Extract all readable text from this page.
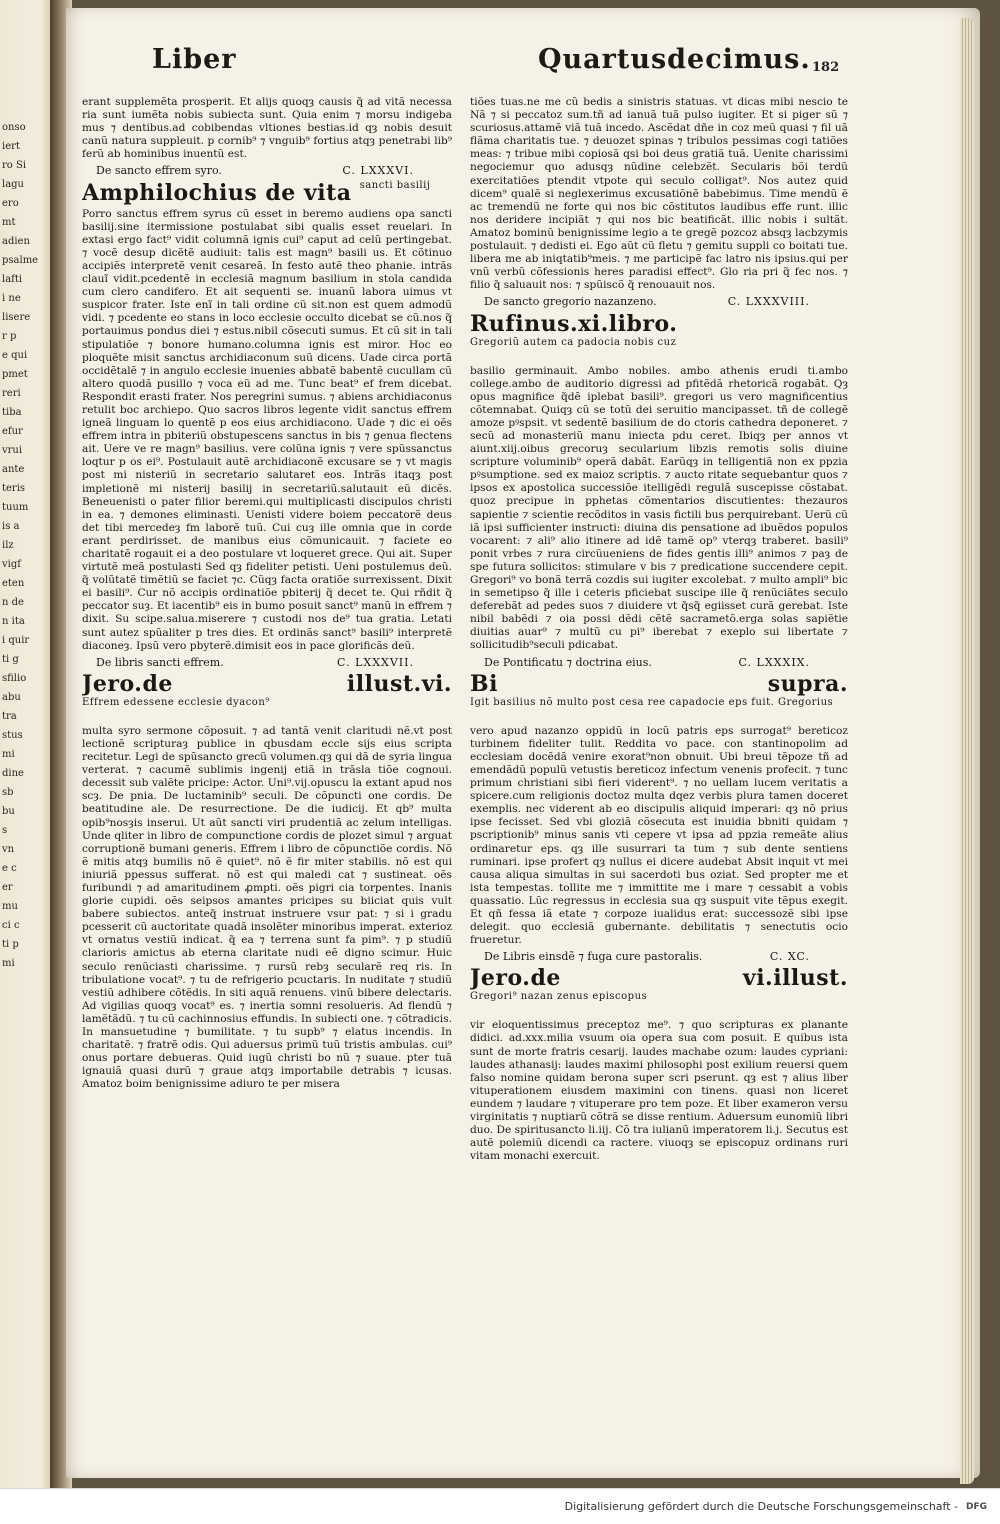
onso
iert
ro Si
lagu
ero
mt
adien
psalme
lafti
i ne
lisere
r p
e qui
pmet
reri
tiba
efur
vrui
ante
teris
tuum
is a
ilz
vigf
eten
n de
n ita
i quir
ti g
sfilio
abu
tra
stus
mi
dine
sb
bu
s
vn
e c
er
mu
ci c
ti p
mi
Liber	Quartusdecimus. 182

erant supplemẽta prosperit. Et alijs quoqȝ causis q̃ ad vitã necessa ria sunt iumẽta nobis subiecta sunt. Quia enim ⁊ morsu indigeba mus ⁊ dentibus.ad cobibendas vltiones bestias.id qȝ nobis desuit canũ natura suppleuit. p cornib⁹ ⁊ vnguib⁹ fortius atqȝ penetrabi lib⁹ ferũ ab hominibus inuentũ est.

De sancto effrem syro.	C. LXXXVI.
Amphilochius de vita sancti basilij

Porro sanctus effrem syrus cũ esset in beremo audiens opa sancti basilij.sine itermissione postulabat sibi qualis esset reuelari. In extasi ergo fact⁹ vidit columnã ignis cui⁹ caput ad celũ pertingebat. ⁊ vocẽ desup dicẽtẽ audiuit: talis est magn⁹ basili us. Et cõtinuo accipiẽs interpretẽ venit cesareã. In festo autẽ theo phanie. intrãs clauĩ vidit.pcedentẽ in ecclesiã magnum basilium in stola candida cum clero candifero. Et ait sequenti se. inuanũ labora uimus vt suspicor frater. Iste enĩ in tali ordine cũ sit.non est quem admodũ vidi. ⁊ pcedente eo stans in loco ecclesie occulto dicebat se cũ.nos q̃ portauimus pondus diei ⁊ estus.nibil cõsecuti sumus. Et cũ sit in tali stipulatiõe ⁊ bonore humano.columna ignis est miror. Hoc eo ploquẽte misit sanctus archidiaconum suũ dicens. Uade circa portã occidẽtalẽ ⁊ in angulo ecclesie inuenies abbatẽ babentẽ cucullam cũ altero quodã pusillo ⁊ voca eũ ad me. Tunc beat⁹ ef frem dicebat. Respondit erasti frater. Nos peregrini sumus. ⁊ abiens archidiaconus retulit boc archiepo. Quo sacros libros legente vidit sanctus effrem igneã linguam lo quentẽ p eos eius archidiacono. Uade ⁊ dic ei oẽs effrem intra in pbiteriũ obstupescens sanctus in bis ⁊ genua flectens ait. Uere ve re magn⁹ basilius. vere colũna ignis ⁊ vere spũssanctus loqtur p os ei⁹. Postulauit autẽ archidiaconẽ excusare se ⁊ vt magis post mi nisteriũ in secretario salutaret eos. Intrãs itaqȝ post impletionẽ mi nisterij basilij in secretariũ.salutauit eũ dicẽs. Beneuenisti o pater filior beremi.qui multiplicasti discipulos christi in ea. ⁊ demones eliminasti. Uenisti videre boiem peccatorẽ deus det tibi mercedeȝ fm laborẽ tuũ. Cui cuȝ ille omnia que in corde erant perdirisset. de manibus eius cõmunicauit. ⁊ faciete eo charitatẽ rogauit ei a deo postulare vt loqueret grece. Qui ait. Super virtutẽ meã postulasti Sed qȝ fideliter petisti. Ueni postulemus deũ. q̃ volũtatẽ timẽtiũ se faciet ⁊c. Cũqȝ facta oratiõe surrexissent. Dixit ei basili⁹. Cur nõ accipis ordinatiõe pbiterij q̃ decet te. Qui rñdit q̃ peccator suȝ. Et iacentib⁹ eis in bumo posuit sanct⁹ manũ in effrem ⁊ dixit. Su scipe.salua.miserere ⁊ custodi nos de⁹ tua gratia. Letati sunt autez spũaliter p tres dies. Et ordinãs sanct⁹ basili⁹ interpretẽ diaconeȝ. Ipsũ vero pbyterẽ.dimisit eos in pace glorificãs deũ.

De libris sancti effrem.	C. LXXXVII.
Jero.de illust.vi. Effrem edessene ecclesie dyacon⁹

multa syro sermone cõposuit. ⁊ ad tantã venit claritudi nẽ.vt post lectionẽ scripturaȝ publice in qbusdam eccle sijs eius scripta recitetur. Legi de spũsancto grecũ volumen.qȝ qui dã de syria lingua verterat. ⁊ cacumẽ sublimis ingenij etiã in trãsla tiõe cognoui. decessit sub valẽte pricipe: Actor. Uni⁹.vij.opuscu la extant apud nos scȝ. De pnia. De luctaminib⁹ seculi. De cõpuncti one cordis. De beatitudine ale. De resurrectione. De die iudicij. Et qb⁹ multa opib⁹nosȝis inserui. Ut aũt sancti viri prudentiã ac zelum intelligas. Unde qliter in libro de compunctione cordis de plozet simul ⁊ arguat corruptionẽ bumani generis. Effrem i libro de cõpunctiõe cordis. Nõ ẽ mitis atqȝ bumilis nõ ẽ quiet⁹. nõ ẽ fir miter stabilis. nõ est qui iniuriã ppessus sufferat. nõ est qui maledi cat ⁊ sustineat. oẽs furibundi ⁊ ad amaritudinem ꝓmpti. oẽs pigri cia torpentes. Inanis glorie cupidi. oẽs seipsos amantes pricipes su biiciat quis vult babere subiectos. anteq̃ instruat instruere vsur pat: ⁊ si i gradu pcesserit cũ auctoritate quadã insolẽter minoribus imperat. exterioz vt ornatus vestiũ indicat. q̃ ea ⁊ terrena sunt fa pim⁹. ⁊ p studiũ clarioris amictus ab eterna claritate nudi eẽ digno scimur. Huic seculo renũciasti charissime. ⁊ rursũ rebȝ secularẽ req ris. In tribulatione vocat⁹. ⁊ tu de refrigerio pcuctaris. In nuditate ⁊ studiũ vestiũ adhibere cõtẽdis. In siti aquã renuens. vinũ bibere delectaris. Ad vigilias quoqȝ vocat⁹ es. ⁊ inertia somni resolueris. Ad flendũ ⁊ lamẽtãdũ. ⁊ tu cũ cachinnosius effundis. In subiecti one. ⁊ cõtradicis. In mansuetudine ⁊ bumilitate. ⁊ tu supb⁹ ⁊ elatus incendis. In charitatẽ. ⁊ fratrẽ odis. Qui aduersus primũ tuũ tristis ambulas. cui⁹ onus portare debueras. Quid iugũ christi bo nũ ⁊ suaue. pter tuã ignauiã quasi durũ ⁊ graue atqȝ importabile detrabis ⁊ icusas. Amatoz boim benignissime adiuro te per misera

tiões tuas.ne me cũ bedis a sinistris statuas. vt dicas mibi nescio te Nã ⁊ si peccatoz sum.tñ ad ianuã tuã pulso iugiter. Et si piger sũ ⁊ scuriosus.attamẽ viã tuã incedo. Ascẽdat dñe in coz meũ quasi ⁊ fil uã flãma charitatis tue. ⁊ deuozet spinas ⁊ tribulos pessimas cogi tatiões meas: ⁊ tribue mibi copiosã qsi boi deus gratiã tuã. Uenite charissimi negociemur quo adusqȝ nũdine celebzẽt. Secularis bõi terdũ exercitatiões ptendit vtpote qui seculo colligat⁹. Nos autez quid dicem⁹ qualẽ si neglexerimus excusatiõnẽ babebimus. Time mendũ ẽ ac tremendũ ne forte qui nos bic cõstitutos laudibus effe runt. illic nos deridere incipiãt ⁊ qui nos bic beatificãt. illic nobis i sultãt. Amatoz bominũ benignissime legio a te gregẽ pozcoz absqȝ lacbzymis postulauit. ⁊ dedisti ei. Ego aũt cũ fletu ⁊ gemitu suppli co boitati tue. libera me ab iniqtatib⁹meis. ⁊ me participẽ fac latro nis ipsius.qui per vnũ verbũ cõfessionis heres paradisi effect⁹. Glo ria pri q̃ fec nos. ⁊ filio q̃ saluauit nos: ⁊ spũiscõ q̃ renouauit nos.

De sancto gregorio nazanzeno.	C. LXXXVIII.
Rufinus.xi.libro. Gregoriũ autem ca padocia nobis cuz

basilio germinauit. Ambo nobiles. ambo athenis erudi ti.ambo college.ambo de auditorio digressi ad pfitẽdã rhetoricã rogabãt. Qȝ opus magnifice q̃dẽ iplebat basili⁹. gregori us vero magnificentius cõtemnabat. Quiqȝ cũ se totũ dei seruitio mancipasset. tñ de collegẽ amoze pꝰspsit. vt sedentẽ basilium de do ctoris cathedra deponeret. ⁊ secũ ad monasteriũ manu iniecta pdu ceret. Ibiqȝ per annos vt aiunt.xiij.oibus grecoruȝ secularium libzis remotis solis diuine scripture voluminib⁹ operã dabãt. Earũqȝ in telligentiã non ex ppzia pꝰsumptione. sed ex maioz scriptis. ⁊ aucto ritate sequebantur quos ⁊ ipsos ex apostolica successiõe itelligẽdi regulã suscepisse cõstabat. quoz precipue in pphetas cõmentarios discutientes: thezauros sapientie ⁊ scientie recõditos in vasis fictili bus perquirebant. Uerũ cũ iã ipsi sufficienter instructi: diuina dis pensatione ad ibuẽdos populos vocarent: ⁊ ali⁹ alio itinere ad idẽ tamẽ op⁹ vterqȝ traberet. basili⁹ ponit vrbes ⁊ rura circũueniens de fides gentis illi⁹ animos ⁊ paȝ de spe futura sollicitos: stimulare v bis ⁊ predicatione succendere cepit. Gregori⁹ vo bonã terrã cozdis sui iugiter excolebat. ⁊ multo ampli⁹ bic in semetipso q̃ ille i ceteris pficiebat suscipe ille q̃ renũciãtes seculo deferebãt ad pedes suos ⁊ diuidere vt q̃sq̃ egiisset curã gerebat. Iste nibil babẽdi ⁊ oia possi dẽdi cẽtẽ sacrametõ.erga solas sapiẽtie diuitias auar⁹ ⁊ multũ cu pi⁹ iberebat ⁊ exeplo sui libertate ⁊ sollicitudib⁹seculi pdicabat.

De Pontificatu ⁊ doctrina eius.	C. LXXXIX.
Bi supra. Igit basilius nõ multo post cesa ree capadocie eps fuit. Gregorius

vero apud nazanzo oppidũ in locũ patris eps surrogat⁹ bereticoz turbinem fideliter tulit. Reddita vo pace. con stantinopolim ad ecclesiam docẽdã venire exorat⁹non obnuit. Ubi breui tẽpoze tñ ad emendãdũ populũ vetustis bereticoz infectum venenis profecit. ⁊ tunc primum christiani sibi fieri viderent⁹. ⁊ no uellam lucem veritatis a spicere.cum religionis doctoz multa dqez verbis plura tamen doceret exemplis. nec viderent ab eo discipulis aliquid imperari: qȝ nõ prius ipse fecisset. Sed vbi gloziã cõsecuta est inuidia bbniti quidam ⁊ pscriptionib⁹ minus sanis vti cepere vt ipsa ad ppzia remeãte alius ordinaretur eps. qȝ ille susurrari ta tum ⁊ sub dente sentiens ruminari. ipse profert qȝ nullus ei dicere audebat Absit inquit vt mei causa aliqua simultas in sui sacerdoti bus oziat. Sed propter me et ista tempestas. tollite me ⁊ immittite me i mare ⁊ cessabit a vobis quassatio. Lũc regressus in ecclesia sua qȝ suspuit vite tẽpus exegit. Et qñ fessa iã etate ⁊ corpoze iualidus erat: successozẽ sibi ipse delegit. quo ecclesiã gubernante. debilitatis ⁊ senectutis ocio frueretur.

De Libris einsdẽ ⁊ fuga cure pastoralis.	C. XC.
Jero.de vi.illust. Gregori⁹ nazan zenus episcopus

vir eloquentissimus preceptoz me⁹. ⁊ quo scripturas ex planante didici. ad.xxx.milia vsuum oia opera sua com posuit. E quibus ista sunt de morte fratris cesarij. laudes machabe ozum: laudes cypriani: laudes athanasij: laudes maximi philosophi post exilium reuersi quem falso nomine quidam berona super scri pserunt. qȝ est ⁊ alius liber vituperationem eiusdem maximini con tinens. quasi non liceret eundem ⁊ laudare ⁊ vituperare pro tem poze. Et liber exameron versu virginitatis ⁊ nuptiarũ cõtrã se disse rentium. Aduersum eunomiũ libri duo. De spiritusancto li.iij. Cõ tra iulianũ imperatorem li.j. Secutus est autẽ polemiũ dicendi ca ractere. viuoqȝ se episcopuz ordinans ruri vitam monachi exercuit.

Digitalisierung gefördert durch die Deutsche Forschungsgemeinschaft - DFG
